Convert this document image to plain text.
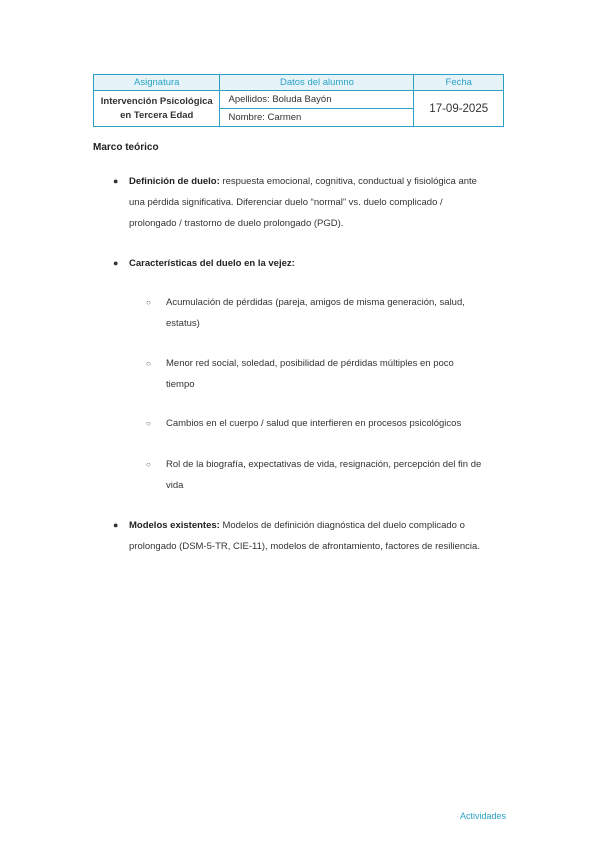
Asignatura	Datos del alumno	Fecha

Intervención Psicológica
en Tercera Edad	Apellidos: Boluda Bayón	17-09-2025
	Nombre: Carmen	
Marco teórico
● Definición de duelo: respuesta emocional, cognitiva, conductual y fisiológica ante
una pérdida significativa. Diferenciar duelo “normal” vs. duelo complicado /
prolongado / trastorno de duelo prolongado (PGD).
● Características del duelo en la vejez:
○ Acumulación de pérdidas (pareja, amigos de misma generación, salud,
estatus)
○ Menor red social, soledad, posibilidad de pérdidas múltiples en poco
tiempo
○ Cambios en el cuerpo / salud que interfieren en procesos psicológicos
○ Rol de la biografía, expectativas de vida, resignación, percepción del fin de
vida
● Modelos existentes: Modelos de definición diagnóstica del duelo complicado o
prolongado (DSM-5-TR, CIE-11), modelos de afrontamiento, factores de resiliencia.
Actividades
